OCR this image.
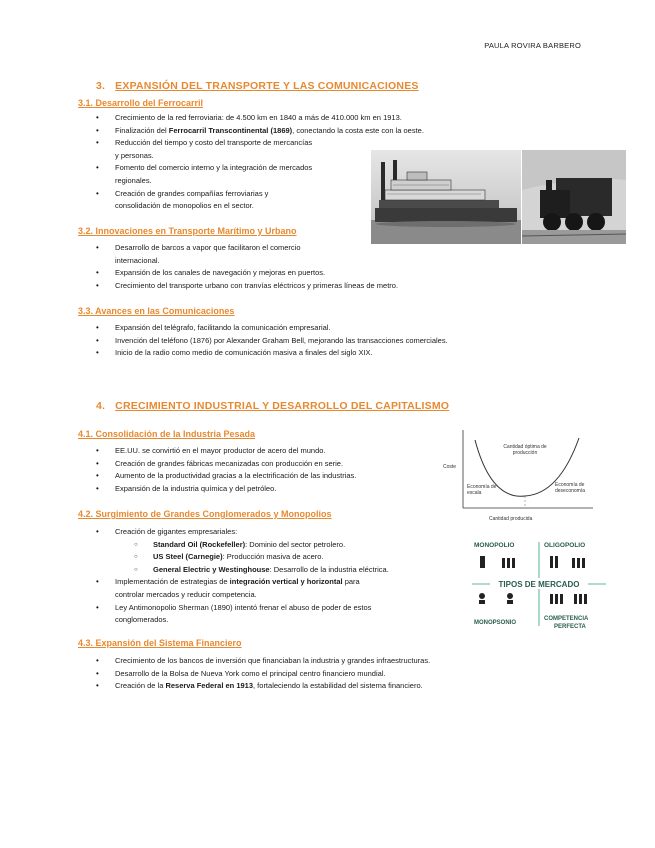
PAULA ROVIRA BARBERO
3. EXPANSIÓN DEL TRANSPORTE Y LAS COMUNICACIONES
3.1. Desarrollo del Ferrocarril
• Crecimiento de la red ferroviaria: de 4.500 km en 1840 a más de 410.000 km en 1913.
• Finalización del Ferrocarril Transcontinental (1869), conectando la costa este con la oeste.
• Reducción del tiempo y costo del transporte de mercancías
y personas.
• Fomento del comercio interno y la integración de mercados
regionales.
• Creación de grandes compañías ferroviarias y
consolidación de monopolios en el sector.
3.2. Innovaciones en Transporte Marítimo y Urbano
• Desarrollo de barcos a vapor que facilitaron el comercio
internacional.
• Expansión de los canales de navegación y mejoras en puertos.
• Crecimiento del transporte urbano con tranvías eléctricos y primeras líneas de metro.
3.3. Avances en las Comunicaciones
• Expansión del telégrafo, facilitando la comunicación empresarial.
• Invención del teléfono (1876) por Alexander Graham Bell, mejorando las transacciones comerciales.
• Inicio de la radio como medio de comunicación masiva a finales del siglo XIX.
4. CRECIMIENTO INDUSTRIAL Y DESARROLLO DEL CAPITALISMO
4.1. Consolidación de la Industria Pesada
• EE.UU. se convirtió en el mayor productor de acero del mundo.
• Creación de grandes fábricas mecanizadas con producción en serie.
• Aumento de la productividad gracias a la electrificación de las industrias.
• Expansión de la industria química y del petróleo.
Coste
Cantidad producida
Cantidad óptima de producción
Economía de escala
Economía de deseconomía
4.2. Surgimiento de Grandes Conglomerados y Monopolios
• Creación de gigantes empresariales:
○ Standard Oil (Rockefeller): Dominio del sector petrolero.
○ US Steel (Carnegie): Producción masiva de acero.
○ General Electric y Westinghouse: Desarrollo de la industria eléctrica.
• Implementación de estrategias de integración vertical y horizontal para
controlar mercados y reducir competencia.
• Ley Antimonopolio Sherman (1890) intentó frenar el abuso de poder de estos
conglomerados.
MONOPOLIO	OLIGOPOLIO
TIPOS DE MERCADO
MONOPSONIO
COMPETENCIA
PERFECTA
4.3. Expansión del Sistema Financiero
• Crecimiento de los bancos de inversión que financiaban la industria y grandes infraestructuras.
• Desarrollo de la Bolsa de Nueva York como el principal centro financiero mundial.
• Creación de la Reserva Federal en 1913, fortaleciendo la estabilidad del sistema financiero.
